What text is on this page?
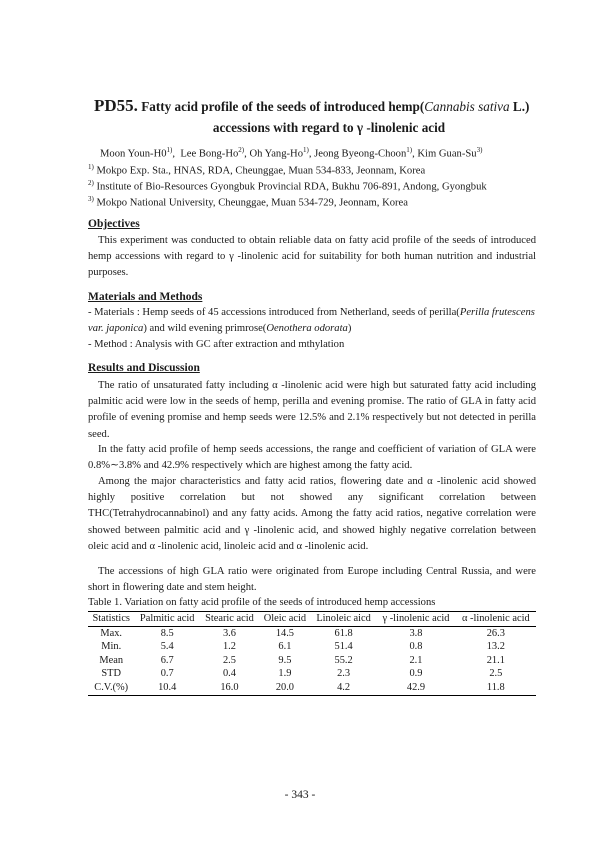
PD55. Fatty acid profile of the seeds of introduced hemp(Cannabis sativa L.)
accessions with regard to γ -linolenic acid
Moon Youn-H0$^{1)}$,  Lee Bong-Ho$^{2)}$, Oh Yang-Ho$^{1)}$, Jeong Byeong-Choon$^{1)}$, Kim Guan-Su$^{3)}$
$^{1)}$ Mokpo Exp. Sta., HNAS, RDA, Cheunggae, Muan 534-833, Jeonnam, Korea
$^{2)}$ Institute of Bio-Resources Gyongbuk Provincial RDA, Bukhu 706-891, Andong, Gyongbuk
$^{3)}$ Mokpo National University, Cheunggae, Muan 534-729, Jeonnam, Korea
Objectives

This experiment was conducted to obtain reliable data on fatty acid profile of the seeds of introduced hemp accessions with regard to γ -linolenic acid for suitability for both human nutrition and industrial purposes.

Materials and Methods
- Materials : Hemp seeds of 45 accessions introduced from Netherland, seeds of perilla(Perilla frutescens var. japonica) and wild evening primrose(Oenothera odorata)
- Method : Analysis with GC after extraction and mthylation
Results and Discussion

The ratio of unsaturated fatty including α -linolenic acid were high but saturated fatty acid including palmitic acid were low in the seeds of hemp, perilla and evening promise. The ratio of GLA in fatty acid profile of evening promise and hemp seeds were 12.5% and 2.1% respectively but not detected in perilla seed.

In the fatty acid profile of hemp seeds accessions, the range and coefficient of variation of GLA were 0.8%∼3.8% and 42.9% respectively which are highest among the fatty acid.

Among the major characteristics and fatty acid ratios, flowering date and α -linolenic acid showed highly positive correlation but not showed any significant correlation between THC(Tetrahydrocannabinol) and any fatty acids. Among the fatty acid ratios, negative correlation were showed between palmitic acid and γ -linolenic acid, and showed highly negative correlation between oleic acid and α -linolenic acid, linoleic acid and α -linolenic acid.

The accessions of high GLA ratio were originated from Europe including Central Russia, and were short in flowering date and stem height.

Table 1. Variation on fatty acid profile of the seeds of introduced hemp accessions
Statistics	Palmitic acid	Stearic acid	Oleic acid	Linoleic aicd	γ -linolenic acid	α -linolenic acid
Max.	8.5	3.6	14.5	61.8	3.8	26.3
Min.	5.4	1.2	6.1	51.4	0.8	13.2
Mean	6.7	2.5	9.5	55.2	2.1	21.1
STD	0.7	0.4	1.9	2.3	0.9	2.5
C.V.(%)	10.4	16.0	20.0	4.2	42.9	11.8
- 343 -
